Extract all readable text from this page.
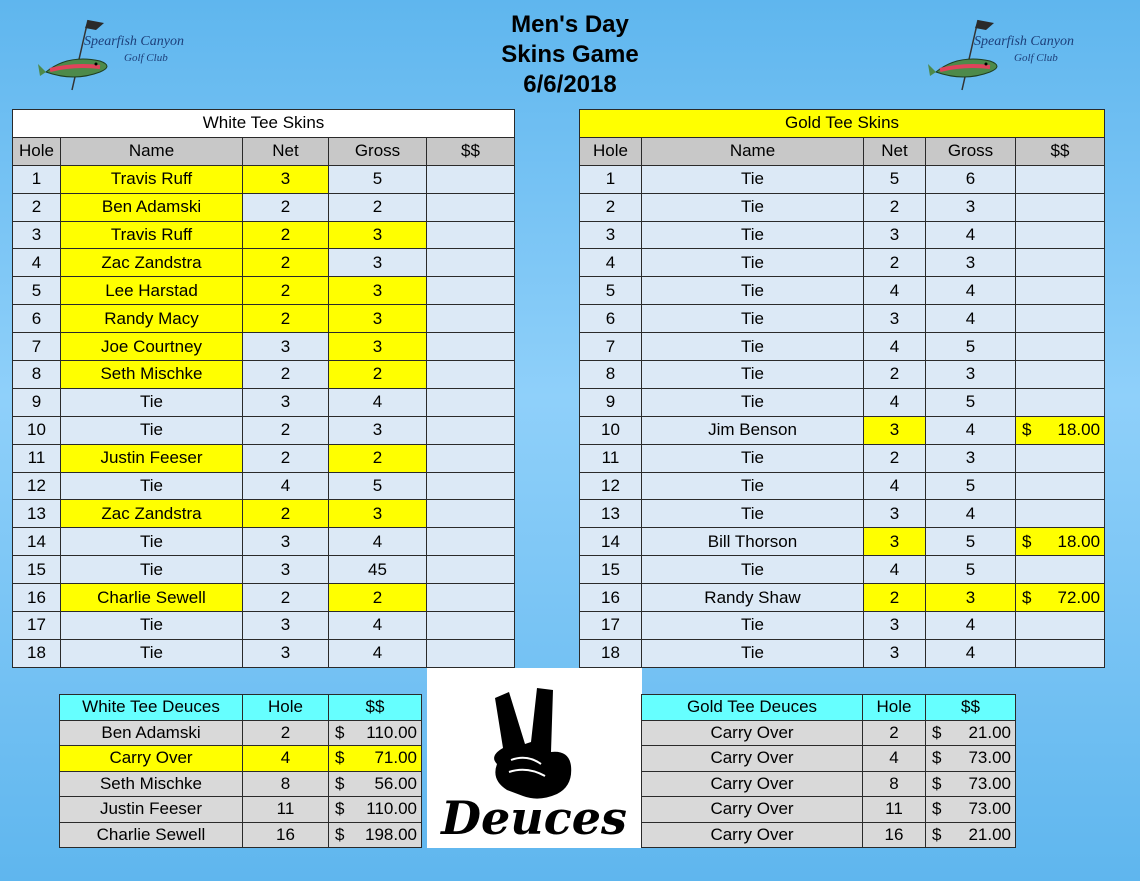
Men's Day
Skins Game
6/6/2018
Spearfish Canyon
Golf Club
Spearfish Canyon
Golf Club
White Tee Skins				
Hole	Name	Net	Gross	$$
1	Travis Ruff	3	5	
2	Ben Adamski	2	2	
3	Travis Ruff	2	3	
4	Zac Zandstra	2	3	
5	Lee Harstad	2	3	
6	Randy Macy	2	3	
7	Joe Courtney	3	3	
8	Seth Mischke	2	2	
9	Tie	3	4	
10	Tie	2	3	
11	Justin Feeser	2	2	
12	Tie	4	5	
13	Zac Zandstra	2	3	
14	Tie	3	4	
15	Tie	3	45	
16	Charlie Sewell	2	2	
17	Tie	3	4	
18	Tie	3	4	
Gold Tee Skins				
Hole	Name	Net	Gross	$$
1	Tie	5	6	
2	Tie	2	3	
3	Tie	3	4	
4	Tie	2	3	
5	Tie	4	4	
6	Tie	3	4	
7	Tie	4	5	
8	Tie	2	3	
9	Tie	4	5	
10	Jim Benson	3	4	$ 18.00

11	Tie	2	3	
12	Tie	4	5	
13	Tie	3	4	
14	Bill Thorson	3	5	$ 18.00

15	Tie	4	5	
16	Randy Shaw	2	3	$ 72.00

17	Tie	3	4	
18	Tie	3	4	
White Tee Deuces	Hole	$$
Ben Adamski	2	$ 110.00

Carry Over	4	$ 71.00

Seth Mischke	8	$ 56.00

Justin Feeser	11	$ 110.00

Charlie Sewell	16	$ 198.00 Deuces
Gold Tee Deuces	Hole	$$
Carry Over	2	$ 21.00

Carry Over	4	$ 73.00

Carry Over	8	$ 73.00

Carry Over	11	$ 73.00

Carry Over	16	$ 21.00
